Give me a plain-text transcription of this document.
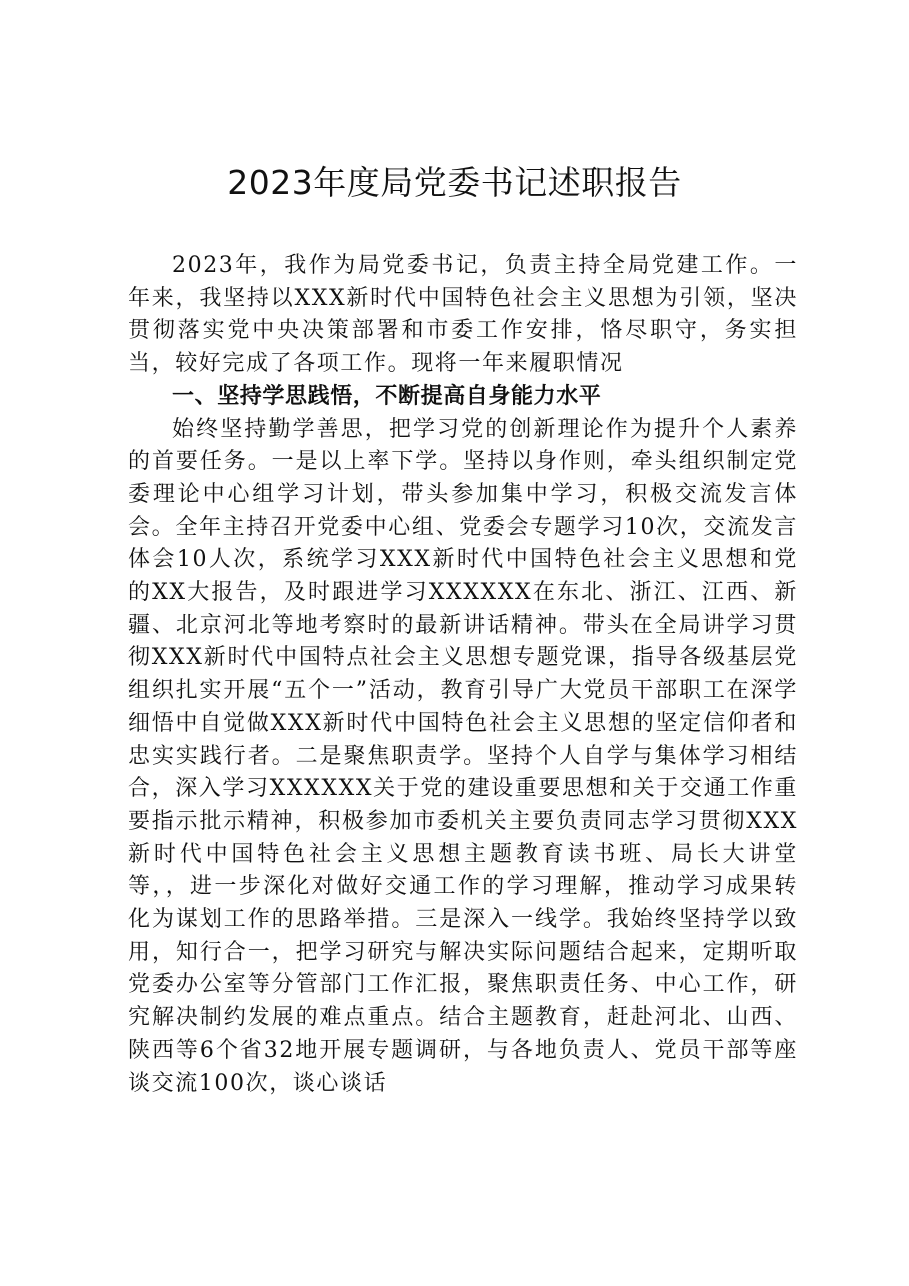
2023年度局党委书记述职报告

2023年，我作为局党委书记，负责主持全局党建工作。一年来，我坚持以XXX新时代中国特色社会主义思想为引领，坚决贯彻落实党中央决策部署和市委工作安排，恪尽职守，务实担当，较好完成了各项工作。现将一年来履职情况

一、坚持学思践悟，不断提高自身能力水平

始终坚持勤学善思，把学习党的创新理论作为提升个人素养的首要任务。一是以上率下学。坚持以身作则，牵头组织制定党委理论中心组学习计划，带头参加集中学习，积极交流发言体会。全年主持召开党委中心组、党委会专题学习10次，交流发言体会10人次，系统学习XXX新时代中国特色社会主义思想和党的XX大报告，及时跟进学习XXXXXX在东北、浙江、江西、新疆、北京河北等地考察时的最新讲话精神。带头在全局讲学习贯彻XXX新时代中国特点社会主义思想专题党课，指导各级基层党组织扎实开展“五个一”活动，教育引导广大党员干部职工在深学细悟中自觉做XXX新时代中国特色社会主义思想的坚定信仰者和忠实实践行者。二是聚焦职责学。坚持个人自学与集体学习相结合，深入学习XXXXXX关于党的建设重要思想和关于交通工作重要指示批示精神，积极参加市委机关主要负责同志学习贯彻XXX新时代中国特色社会主义思想主题教育读书班、局长大讲堂等，，进一步深化对做好交通工作的学习理解，推动学习成果转化为谋划工作的思路举措。三是深入一线学。我始终坚持学以致用，知行合一，把学习研究与解决实际问题结合起来，定期听取党委办公室等分管部门工作汇报，聚焦职责任务、中心工作，研究解决制约发展的难点重点。结合主题教育，赶赴河北、山西、陕西等6个省32地开展专题调研，与各地负责人、党员干部等座谈交流100次，谈心谈话
